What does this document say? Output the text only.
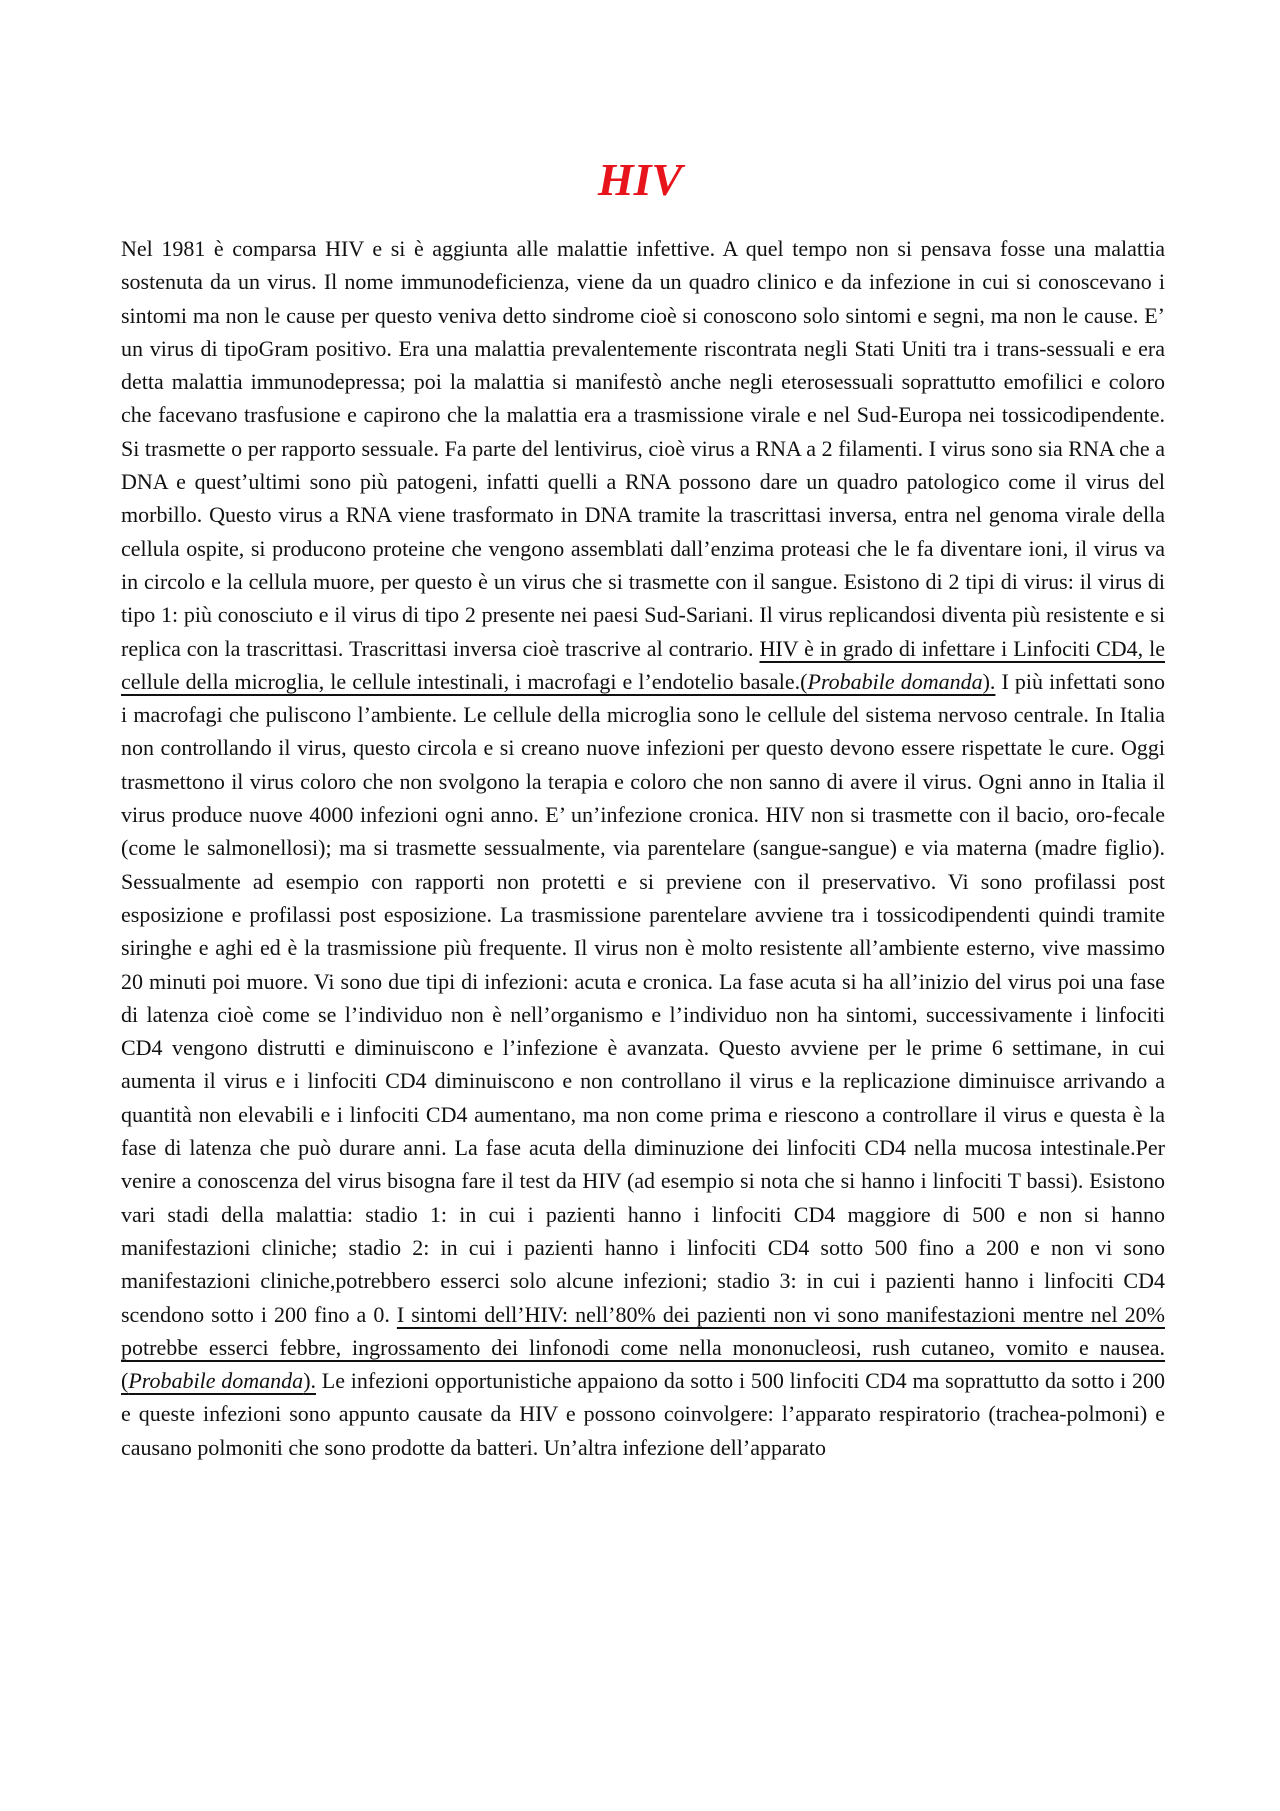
HIV

Nel 1981 è comparsa HIV e si è aggiunta alle malattie infettive. A quel tempo non si pensava fosse una malattia sostenuta da un virus. Il nome immunodeficienza, viene da un quadro clinico e da infezione in cui si conoscevano i sintomi ma non le cause per questo veniva detto sindrome cioè si conoscono solo sintomi e segni, ma non le cause. E’ un virus di tipoGram positivo. Era una malattia prevalentemente riscontrata negli Stati Uniti tra i trans-sessuali e era detta malattia immunodepressa; poi la malattia si manifestò anche negli eterosessuali soprattutto emofilici e coloro che facevano trasfusione e capirono che la malattia era a trasmissione virale e nel Sud-Europa nei tossicodipendente. Si trasmette o per rapporto sessuale. Fa parte del lentivirus, cioè virus a RNA a 2 filamenti. I virus sono sia RNA che a DNA e quest’ultimi sono più patogeni, infatti quelli a RNA possono dare un quadro patologico come il virus del morbillo. Questo virus a RNA viene trasformato in DNA tramite la trascrittasi inversa, entra nel genoma virale della cellula ospite, si producono proteine che vengono assemblati dall’enzima proteasi che le fa diventare ioni, il virus va in circolo e la cellula muore, per questo è un virus che si trasmette con il sangue. Esistono di 2 tipi di virus: il virus di tipo 1: più conosciuto e il virus di tipo 2 presente nei paesi Sud-Sariani. Il virus replicandosi diventa più resistente e si replica con la trascrittasi. Trascrittasi inversa cioè trascrive al contrario. HIV è in grado di infettare i Linfociti CD4, le cellule della microglia, le cellule intestinali, i macrofagi e l’endotelio basale.(Probabile domanda). I più infettati sono i macrofagi che puliscono l’ambiente. Le cellule della microglia sono le cellule del sistema nervoso centrale. In Italia non controllando il virus, questo circola e si creano nuove infezioni per questo devono essere rispettate le cure. Oggi trasmettono il virus coloro che non svolgono la terapia e coloro che non sanno di avere il virus. Ogni anno in Italia il virus produce nuove 4000 infezioni ogni anno. E’ un’infezione cronica. HIV non si trasmette con il bacio, oro-fecale (come le salmonellosi); ma si trasmette sessualmente, via parentelare (sangue-sangue) e via materna (madre figlio). Sessualmente ad esempio con rapporti non protetti e si previene con il preservativo. Vi sono profilassi post esposizione e profilassi post esposizione. La trasmissione parentelare avviene tra i tossicodipendenti quindi tramite siringhe e aghi ed è la trasmissione più frequente. Il virus non è molto resistente all’ambiente esterno, vive massimo 20 minuti poi muore. Vi sono due tipi di infezioni: acuta e cronica. La fase acuta si ha all’inizio del virus poi una fase di latenza cioè come se l’individuo non è nell’organismo e l’individuo non ha sintomi, successivamente i linfociti CD4 vengono distrutti e diminuiscono e l’infezione è avanzata. Questo avviene per le prime 6 settimane, in cui aumenta il virus e i linfociti CD4 diminuiscono e non controllano il virus e la replicazione diminuisce arrivando a quantità non elevabili e i linfociti CD4 aumentano, ma non come prima e riescono a controllare il virus e questa è la fase di latenza che può durare anni. La fase acuta della diminuzione dei linfociti CD4 nella mucosa intestinale.Per venire a conoscenza del virus bisogna fare il test da HIV (ad esempio si nota che si hanno i linfociti T bassi). Esistono vari stadi della malattia: stadio 1: in cui i pazienti hanno i linfociti CD4 maggiore di 500 e non si hanno manifestazioni cliniche; stadio 2: in cui i pazienti hanno i linfociti CD4 sotto 500 fino a 200 e non vi sono manifestazioni cliniche,potrebbero esserci solo alcune infezioni; stadio 3: in cui i pazienti hanno i linfociti CD4 scendono sotto i 200 fino a 0. I sintomi dell’HIV: nell’80% dei pazienti non vi sono manifestazioni mentre nel 20% potrebbe esserci febbre, ingrossamento dei linfonodi come nella mononucleosi, rush cutaneo, vomito e nausea.(Probabile domanda). Le infezioni opportunistiche appaiono da sotto i 500 linfociti CD4 ma soprattutto da sotto i 200 e queste infezioni sono appunto causate da HIV e possono coinvolgere: l’apparato respiratorio (trachea-polmoni) e causano polmoniti che sono prodotte da batteri. Un’altra infezione dell’apparato
